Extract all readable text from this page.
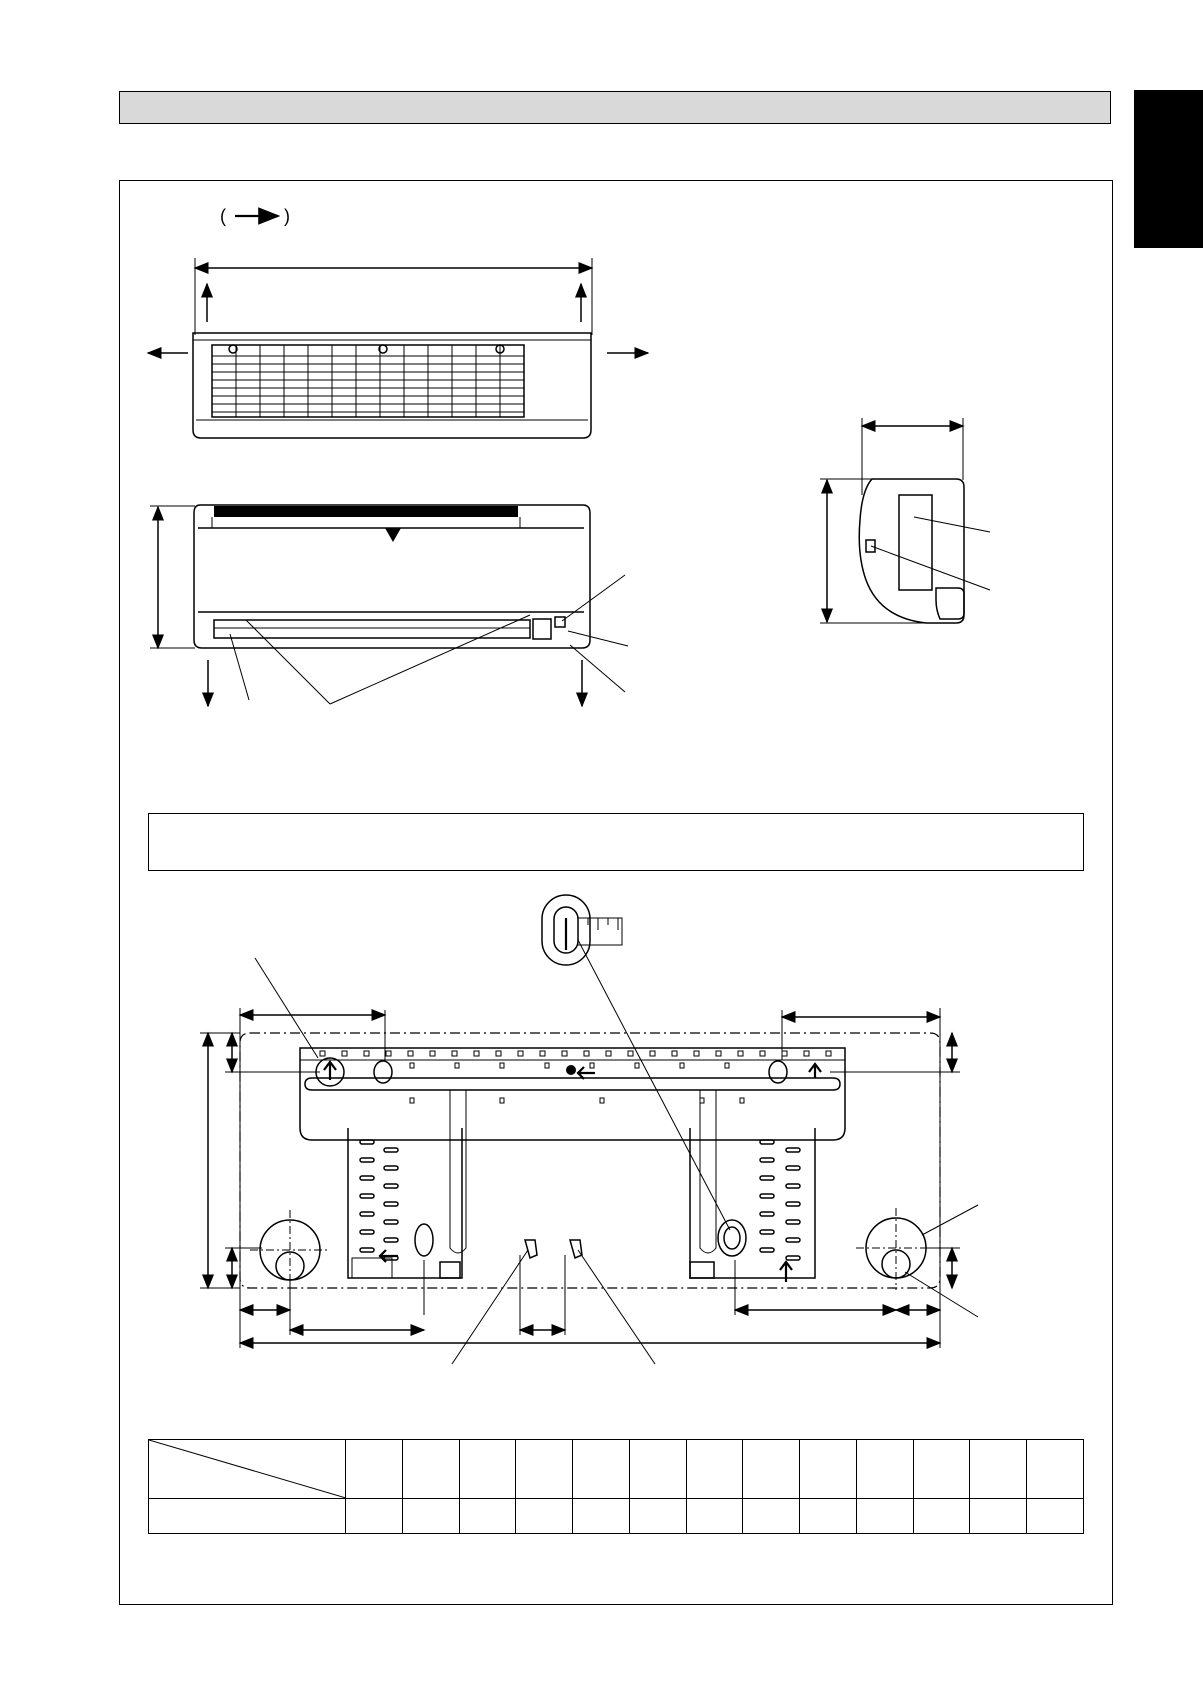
(	)
